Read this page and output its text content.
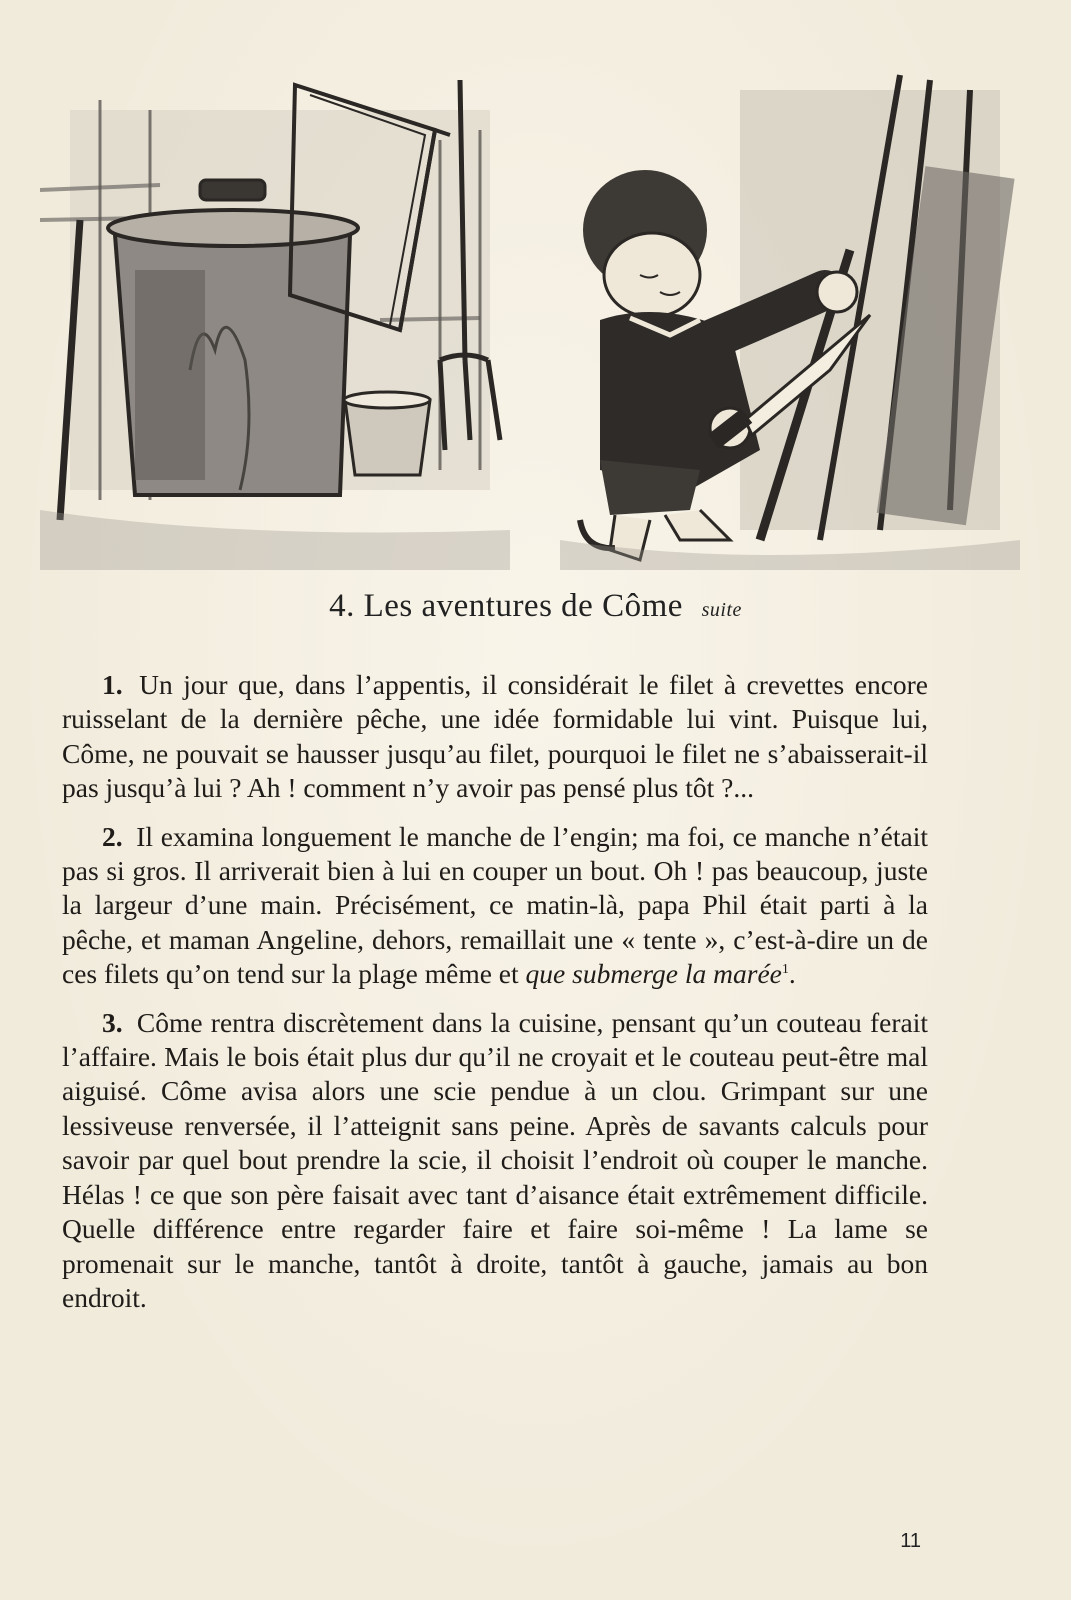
4. Les aventures de Côme suite

1. Un jour que, dans l’appentis, il considérait le filet à crevettes encore ruisselant de la dernière pêche, une idée formidable lui vint. Puisque lui, Côme, ne pouvait se hausser jusqu’au filet, pourquoi le filet ne s’abaisserait-il pas jusqu’à lui ? Ah ! comment n’y avoir pas pensé plus tôt ?...

2. Il examina longuement le manche de l’engin; ma foi, ce manche n’était pas si gros. Il arriverait bien à lui en couper un bout. Oh ! pas beaucoup, juste la largeur d’une main. Précisément, ce matin-là, papa Phil était parti à la pêche, et maman Angeline, dehors, remaillait une « tente », c’est-à-dire un de ces filets qu’on tend sur la plage même et que submerge la marée$^1$.

3. Côme rentra discrètement dans la cuisine, pensant qu’un couteau ferait l’affaire. Mais le bois était plus dur qu’il ne croyait et le couteau peut-être mal aiguisé. Côme avisa alors une scie pendue à un clou. Grimpant sur une lessiveuse renversée, il l’atteignit sans peine. Après de savants calculs pour savoir par quel bout prendre la scie, il choisit l’endroit où couper le manche. Hélas ! ce que son père faisait avec tant d’aisance était extrêmement difficile. Quelle différence entre regarder faire et faire soi-même ! La lame se promenait sur le manche, tantôt à droite, tantôt à gauche, jamais au bon endroit.

11
